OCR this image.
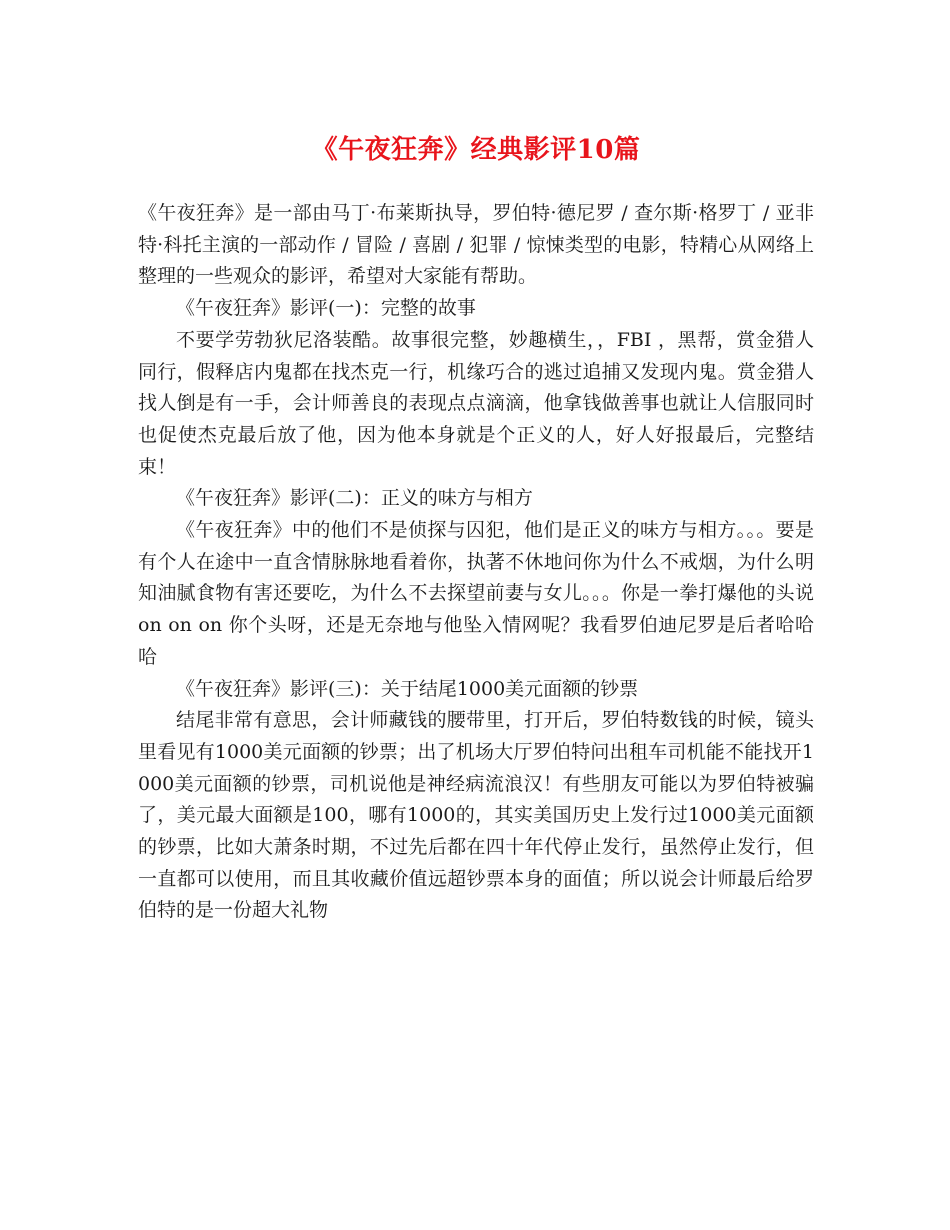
《午夜狂奔》经典影评10篇

《午夜狂奔》是一部由马丁·布莱斯执导，罗伯特·德尼罗 / 查尔斯·格罗丁 / 亚非特·科托主演的一部动作 / 冒险 / 喜剧 / 犯罪 / 惊悚类型的电影，特精心从网络上整理的一些观众的影评，希望对大家能有帮助。

《午夜狂奔》影评(一)：完整的故事

不要学劳勃狄尼洛装酷。故事很完整，妙趣横生，，FBI ，黑帮，赏金猎人同行，假释店内鬼都在找杰克一行，机缘巧合的逃过追捕又发现内鬼。赏金猎人找人倒是有一手，会计师善良的表现点点滴滴，他拿钱做善事也就让人信服同时也促使杰克最后放了他，因为他本身就是个正义的人，好人好报最后，完整结束！

《午夜狂奔》影评(二)：正义的味方与相方

《午夜狂奔》中的他们不是侦探与囚犯，他们是正义的味方与相方。。。要是有个人在途中一直含情脉脉地看着你，执著不休地问你为什么不戒烟，为什么明知油腻食物有害还要吃，为什么不去探望前妻与女儿。。。你是一拳打爆他的头说 on on on 你个头呀，还是无奈地与他坠入情网呢？我看罗伯迪尼罗是后者哈哈哈

《午夜狂奔》影评(三)：关于结尾1000美元面额的钞票

结尾非常有意思，会计师藏钱的腰带里，打开后，罗伯特数钱的时候，镜头里看见有1000美元面额的钞票；出了机场大厅罗伯特问出租车司机能不能找开1000美元面额的钞票，司机说他是神经病流浪汉！有些朋友可能以为罗伯特被骗了，美元最大面额是100，哪有1000的，其实美国历史上发行过1000美元面额的钞票，比如大萧条时期，不过先后都在四十年代停止发行，虽然停止发行，但一直都可以使用，而且其收藏价值远超钞票本身的面值；所以说会计师最后给罗伯特的是一份超大礼物
